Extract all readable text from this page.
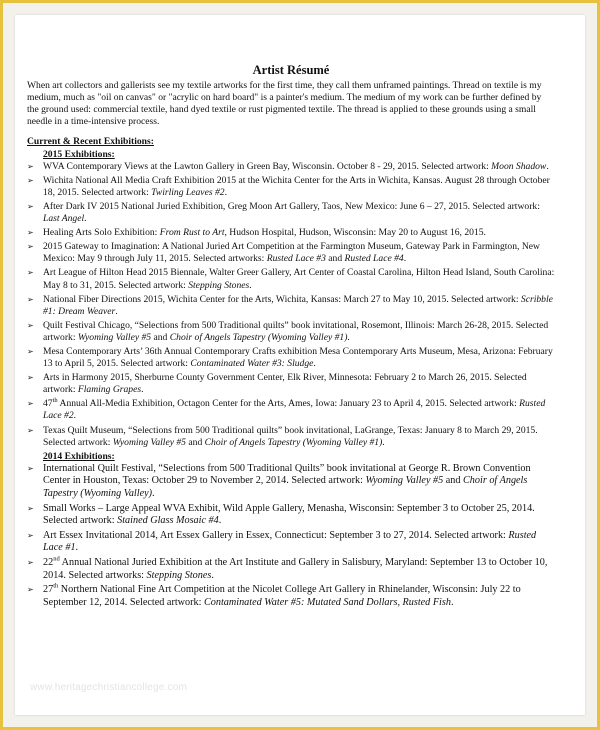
Artist Résumé

When art collectors and gallerists see my textile artworks for the first time, they call them unframed paintings. Thread on textile is my medium, much as "oil on canvas" or "acrylic on hard board" is a painter's medium. The medium of my work can be further defined by the ground used: commercial textile, hand dyed textile or rust pigmented textile. The thread is applied to these grounds using a small needle in a time-intensive process.

Current & Recent Exhibitions:
2015 Exhibitions:
➢ WVA Contemporary Views at the Lawton Gallery in Green Bay, Wisconsin. October 8 - 29, 2015. Selected artwork: Moon Shadow.
➢ Wichita National All Media Craft Exhibition 2015 at the Wichita Center for the Arts in Wichita, Kansas. August 28 through October 18, 2015. Selected artwork: Twirling Leaves #2.
➢ After Dark IV 2015 National Juried Exhibition, Greg Moon Art Gallery, Taos, New Mexico: June 6 – 27, 2015. Selected artwork: Last Angel.
➢ Healing Arts Solo Exhibition: From Rust to Art, Hudson Hospital, Hudson, Wisconsin: May 20 to August 16, 2015.
➢ 2015 Gateway to Imagination: A National Juried Art Competition at the Farmington Museum, Gateway Park in Farmington, New Mexico: May 9 through July 11, 2015. Selected artworks: Rusted Lace #3 and Rusted Lace #4.
➢ Art League of Hilton Head 2015 Biennale, Walter Greer Gallery, Art Center of Coastal Carolina, Hilton Head Island, South Carolina: May 8 to 31, 2015. Selected artwork: Stepping Stones.
➢ National Fiber Directions 2015, Wichita Center for the Arts, Wichita, Kansas: March 27 to May 10, 2015. Selected artwork: Scribble #1: Dream Weaver.
➢ Quilt Festival Chicago, “Selections from 500 Traditional quilts” book invitational, Rosemont, Illinois: March 26-28, 2015. Selected artwork: Wyoming Valley #5 and Choir of Angels Tapestry (Wyoming Valley #1).
➢ Mesa Contemporary Arts’ 36th Annual Contemporary Crafts exhibition Mesa Contemporary Arts Museum, Mesa, Arizona: February 13 to April 5, 2015. Selected artwork: Contaminated Water #3: Sludge.
➢ Arts in Harmony 2015, Sherburne County Government Center, Elk River, Minnesota: February 2 to March 26, 2015. Selected artwork: Flaming Grapes.
➢ 47th Annual All-Media Exhibition, Octagon Center for the Arts, Ames, Iowa: January 23 to April 4, 2015. Selected artwork: Rusted Lace #2.
➢ Texas Quilt Museum, “Selections from 500 Traditional quilts” book invitational, LaGrange, Texas: January 8 to March 29, 2015. Selected artwork: Wyoming Valley #5 and Choir of Angels Tapestry (Wyoming Valley #1).
2014 Exhibitions:
➢ International Quilt Festival, “Selections from 500 Traditional Quilts” book invitational at George R. Brown Convention Center in Houston, Texas: October 29 to November 2, 2014. Selected artwork: Wyoming Valley #5 and Choir of Angels Tapestry (Wyoming Valley).
➢ Small Works – Large Appeal WVA Exhibit, Wild Apple Gallery, Menasha, Wisconsin: September 3 to October 25, 2014. Selected artwork: Stained Glass Mosaic #4.
➢ Art Essex Invitational 2014, Art Essex Gallery in Essex, Connecticut: September 3 to 27, 2014. Selected artwork: Rusted Lace #1.
➢ 22nd Annual National Juried Exhibition at the Art Institute and Gallery in Salisbury, Maryland: September 13 to October 10, 2014. Selected artworks: Stepping Stones.
➢ 27th Northern National Fine Art Competition at the Nicolet College Art Gallery in Rhinelander, Wisconsin: July 22 to September 12, 2014. Selected artwork: Contaminated Water #5: Mutated Sand Dollars, Rusted Fish.
www.heritagechristiancollege.com
